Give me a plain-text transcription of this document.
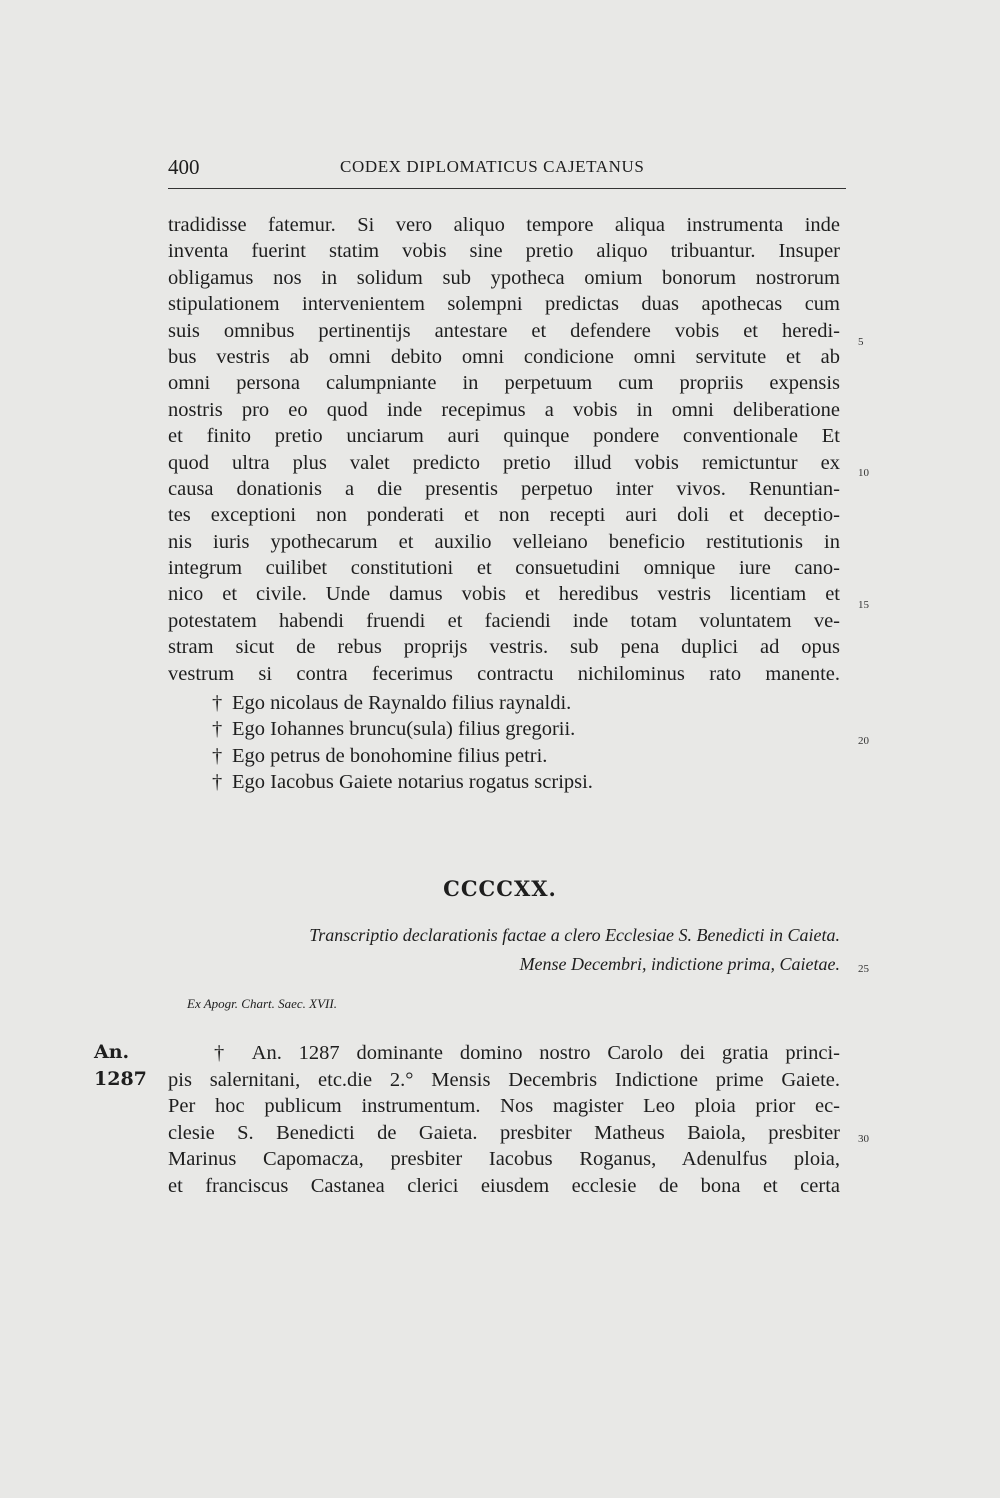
400	CODEX DIPLOMATICUS CAJETANUS
tradidisse fatemur. Si vero aliquo tempore aliqua instrumenta inde
inventa fuerint statim vobis sine pretio aliquo tribuantur. Insuper
obligamus nos in solidum sub ypotheca omium bonorum nostrorum
stipulationem intervenientem solempni predictas duas apothecas cum
suis omnibus pertinentijs antestare et defendere vobis et heredi-
bus vestris ab omni debito omni condicione omni servitute et ab
omni persona calumpniante in perpetuum cum propriis expensis
nostris pro eo quod inde recepimus a vobis in omni deliberatione
et finito pretio unciarum auri quinque pondere conventionale Et
quod ultra plus valet predicto pretio illud vobis remictuntur ex
causa donationis a die presentis perpetuo inter vivos. Renuntian-
tes exceptioni non ponderati et non recepti auri doli et deceptio-
nis iuris ypothecarum et auxilio velleiano beneficio restitutionis in
integrum cuilibet constitutioni et consuetudini omnique iure cano-
nico et civile. Unde damus vobis et heredibus vestris licentiam et
potestatem habendi fruendi et faciendi inde totam voluntatem ve-
stram sicut de rebus proprijs vestris. sub pena duplici ad opus
vestrum si contra fecerimus contractu nichilominus rato manente.
† Ego nicolaus de Raynaldo filius raynaldi.
† Ego Iohannes bruncu(sula) filius gregorii.
† Ego petrus de bonohomine filius petri.
† Ego Iacobus Gaiete notarius rogatus scripsi.
5
10
15
20
25
30
CCCCXX.
Transcriptio declarationis factae a clero Ecclesiae S. Benedicti in Caieta.
Mense Decembri, indictione prima, Caietae.
Ex Apogr. Chart. Saec. XVII.
An.
1287
† An. 1287 dominante domino nostro Carolo dei gratia princi-
pis salernitani, etc.die 2.° Mensis Decembris Indictione prime Gaiete.
Per hoc publicum instrumentum. Nos magister Leo ploia prior ec-
clesie S. Benedicti de Gaieta. presbiter Matheus Baiola, presbiter
Marinus Capomacza, presbiter Iacobus Roganus, Adenulfus ploia,
et franciscus Castanea clerici eiusdem ecclesie de bona et certa
